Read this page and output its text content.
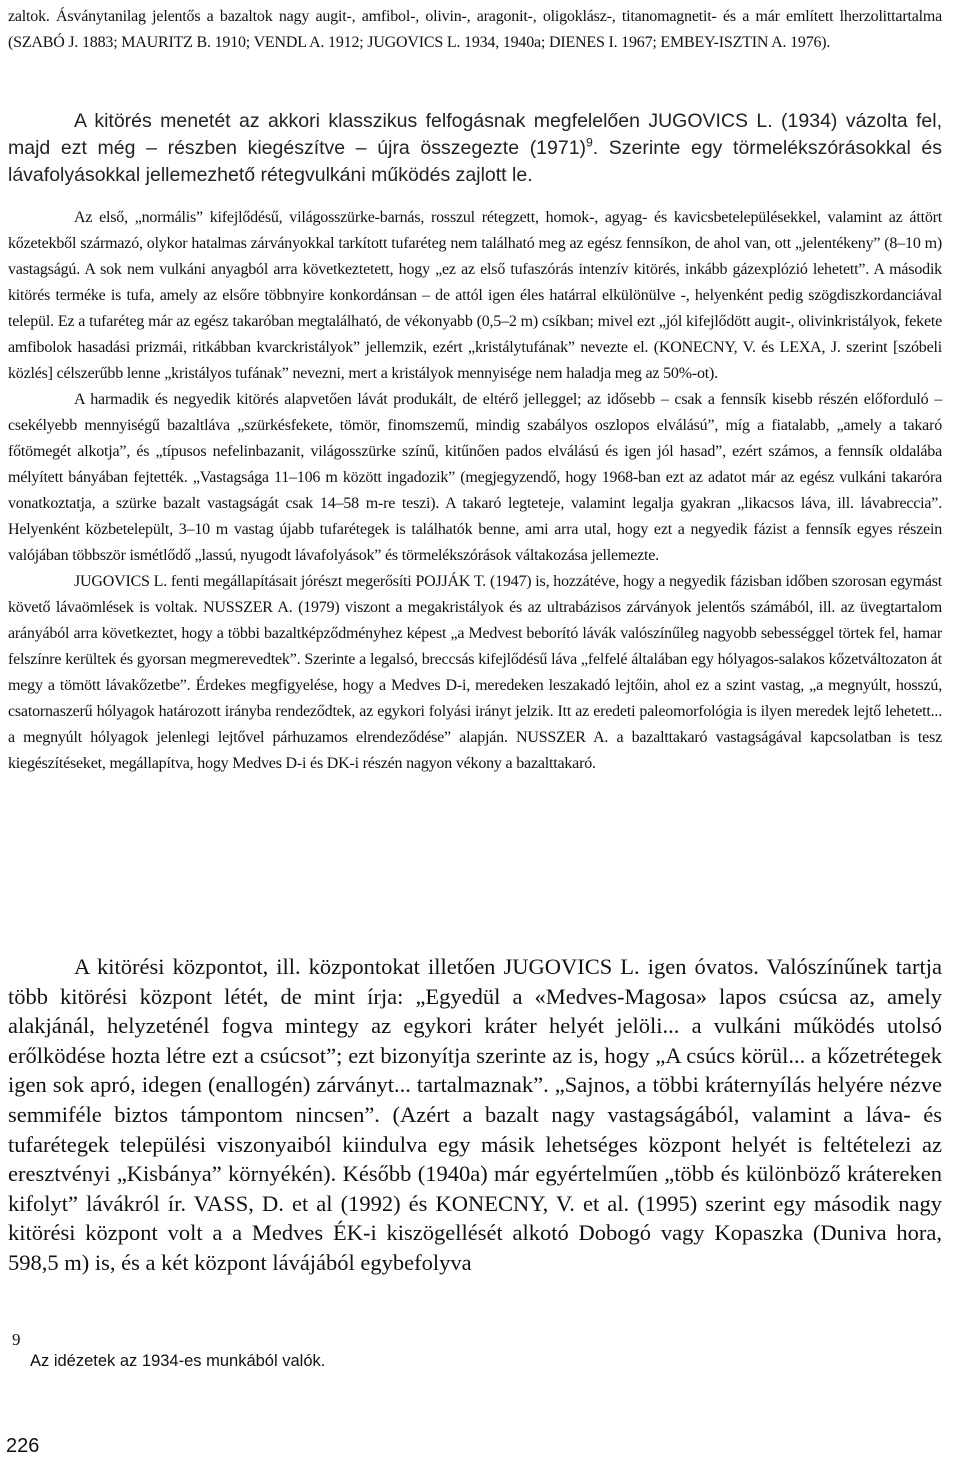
zaltok. Ásványtanilag jelentős a bazaltok nagy augit-, amfibol-, olivin-, aragonit-, oligoklász-, titanomagnetit- és a már említett lherzolittartalma (SZABÓ J. 1883; MAURITZ B. 1910; VENDL A. 1912; JUGOVICS L. 1934, 1940a; DIENES I. 1967; EMBEY-ISZTIN A. 1976).

A kitörés menetét az akkori klasszikus felfogásnak megfelelően JUGOVICS L. (1934) vázolta fel, majd ezt még – részben kiegészítve – újra összegezte $(1971)^9$. Szerinte egy törmelékszórásokkal és lávafolyásokkal jellemezhető rétegvulkáni működés zajlott le.

Az első, „normális” kifejlődésű, világosszürke-barnás, rosszul rétegzett, homok-, agyag- és kavicsbetelepülésekkel, valamint az áttört kőzetekből származó, olykor hatalmas zárványokkal tarkított tufaréteg nem található meg az egész fennsíkon, de ahol van, ott „jelentékeny” (8–10 m) vastagságú. A sok nem vulkáni anyagból arra következtetett, hogy „ez az első tufaszórás intenzív kitörés, inkább gázexplózió lehetett”. A második kitörés terméke is tufa, amely az elsőre többnyire konkordánsan – de attól igen éles határral elkülönülve -, helyenként pedig szögdiszkordanciával települ. Ez a tufaréteg már az egész takaróban megtalálható, de vékonyabb (0,5–2 m) csíkban; mivel ezt „jól kifejlődött augit-, olivinkristályok, fekete amfibolok hasadási prizmái, ritkábban kvarckristályok” jellemzik, ezért „kristálytufának” nevezte el. (KONECNY, V. és LEXA, J. szerint [szóbeli közlés] célszerűbb lenne „kristályos tufának” nevezni, mert a kristályok mennyisége nem haladja meg az 50%-ot).

A harmadik és negyedik kitörés alapvetően lávát produkált, de eltérő jelleggel; az idősebb – csak a fennsík kisebb részén előforduló – csekélyebb mennyiségű bazaltláva „szürkésfekete, tömör, finomszemű, mindig szabályos oszlopos elválású”, míg a fiatalabb, „amely a takaró főtömegét alkotja”, és „típusos nefelinbazanit, világosszürke színű, kitűnően pados elválású és igen jól hasad”, ezért számos, a fennsík oldalába mélyített bányában fejtették. „Vastagsága 11–106 m között ingadozik” (megjegyzendő, hogy 1968-ban ezt az adatot már az egész vulkáni takaróra vonatkoztatja, a szürke bazalt vastagságát csak 14–58 m-re teszi). A takaró legteteje, valamint legalja gyakran „likacsos láva, ill. lávabreccia”. Helyenként közbetelepült, 3–10 m vastag újabb tufarétegek is találhatók benne, ami arra utal, hogy ezt a negyedik fázist a fennsík egyes részein valójában többször ismétlődő „lassú, nyugodt lávafolyások” és törmelékszórások váltakozása jellemezte.

JUGOVICS L. fenti megállapításait jórészt megerősíti POJJÁK T. (1947) is, hozzátéve, hogy a negyedik fázisban időben szorosan egymást követő lávaömlések is voltak. NUSSZER A. (1979) viszont a megakristályok és az ultrabázisos zárványok jelentős számából, ill. az üvegtartalom arányából arra következtet, hogy a többi bazaltképződményhez képest „a Medvest beborító lávák valószínűleg nagyobb sebességgel törtek fel, hamar felszínre kerültek és gyorsan megmerevedtek”. Szerinte a legalsó, breccsás kifejlődésű láva „felfelé általában egy hólyagos-salakos kőzetváltozaton át megy a tömött lávakőzetbe”. Érdekes megfigyelése, hogy a Medves D-i, meredeken leszakadó lejtőin, ahol ez a szint vastag, „a megnyúlt, hosszú, csatornaszerű hólyagok határozott irányba rendeződtek, az egykori folyási irányt jelzik. Itt az eredeti paleomorfológia is ilyen meredek lejtő lehetett... a megnyúlt hólyagok jelenlegi lejtővel párhuzamos elrendeződése” alapján. NUSSZER A. a bazalttakaró vastagságával kapcsolatban is tesz kiegészítéseket, megállapítva, hogy Medves D-i és DK-i részén nagyon vékony a bazalttakaró.

A kitörési központot, ill. központokat illetően JUGOVICS L. igen óvatos. Valószínűnek tartja több kitörési központ létét, de mint írja: „Egyedül a «Medves-Magosa» lapos csúcsa az, amely alakjánál, helyzeténél fogva mintegy az egykori kráter helyét jelöli... a vulkáni működés utolsó erőlködése hozta létre ezt a csúcsot”; ezt bizonyítja szerinte az is, hogy „A csúcs körül... a kőzetrétegek igen sok apró, idegen (enallogén) zárványt... tartalmaznak”. „Sajnos, a többi kráternyílás helyére nézve semmiféle biztos támpontom nincsen”. (Azért a bazalt nagy vastagságából, valamint a láva- és tufarétegek települési viszonyaiból kiindulva egy másik lehetséges központ helyét is feltételezi az eresztvényi „Kisbánya” környékén). Később (1940a) már egyértelműen „több és különböző krátereken kifolyt” lávákról ír. VASS, D. et al (1992) és KONECNY, V. et al. (1995) szerint egy második nagy kitörési központ volt a a Medves ÉK-i kiszögellését alkotó Dobogó vagy Kopaszka (Duniva hora, 598,5 m) is, és a két központ lávájából egybefolyva

9
Az idézetek az 1934-es munkából valók.
226
